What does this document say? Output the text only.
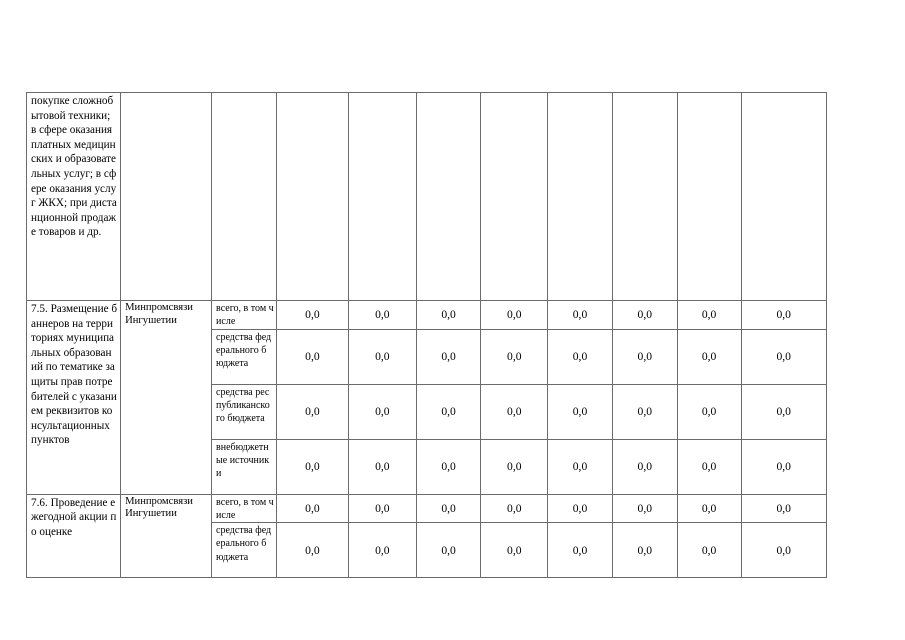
покупке сложнобытовой техники; в сфере оказания платных медицинских и образовательных услуг; в сфере оказания услуг ЖКХ; при дистанционной продаже товаров и др.										
7.5. Размещение баннеров на территориях муниципальных образований по тематике защиты прав потребителей с указанием реквизитов консультационных пунктов	Минпромсвязи Ингушетии	всего, в том числе	0,0	0,0	0,0	0,0	0,0	0,0	0,0	0,0
		средства федерального бюджета	0,0	0,0	0,0	0,0	0,0	0,0	0,0	0,0
		средства республиканского бюджета	0,0	0,0	0,0	0,0	0,0	0,0	0,0	0,0
		внебюджетные источники	0,0	0,0	0,0	0,0	0,0	0,0	0,0	0,0
7.6. Проведение ежегодной акции по оценке	Минпромсвязи Ингушетии	всего, в том числе	0,0	0,0	0,0	0,0	0,0	0,0	0,0	0,0
		средства федерального бюджета	0,0	0,0	0,0	0,0	0,0	0,0	0,0	0,0
